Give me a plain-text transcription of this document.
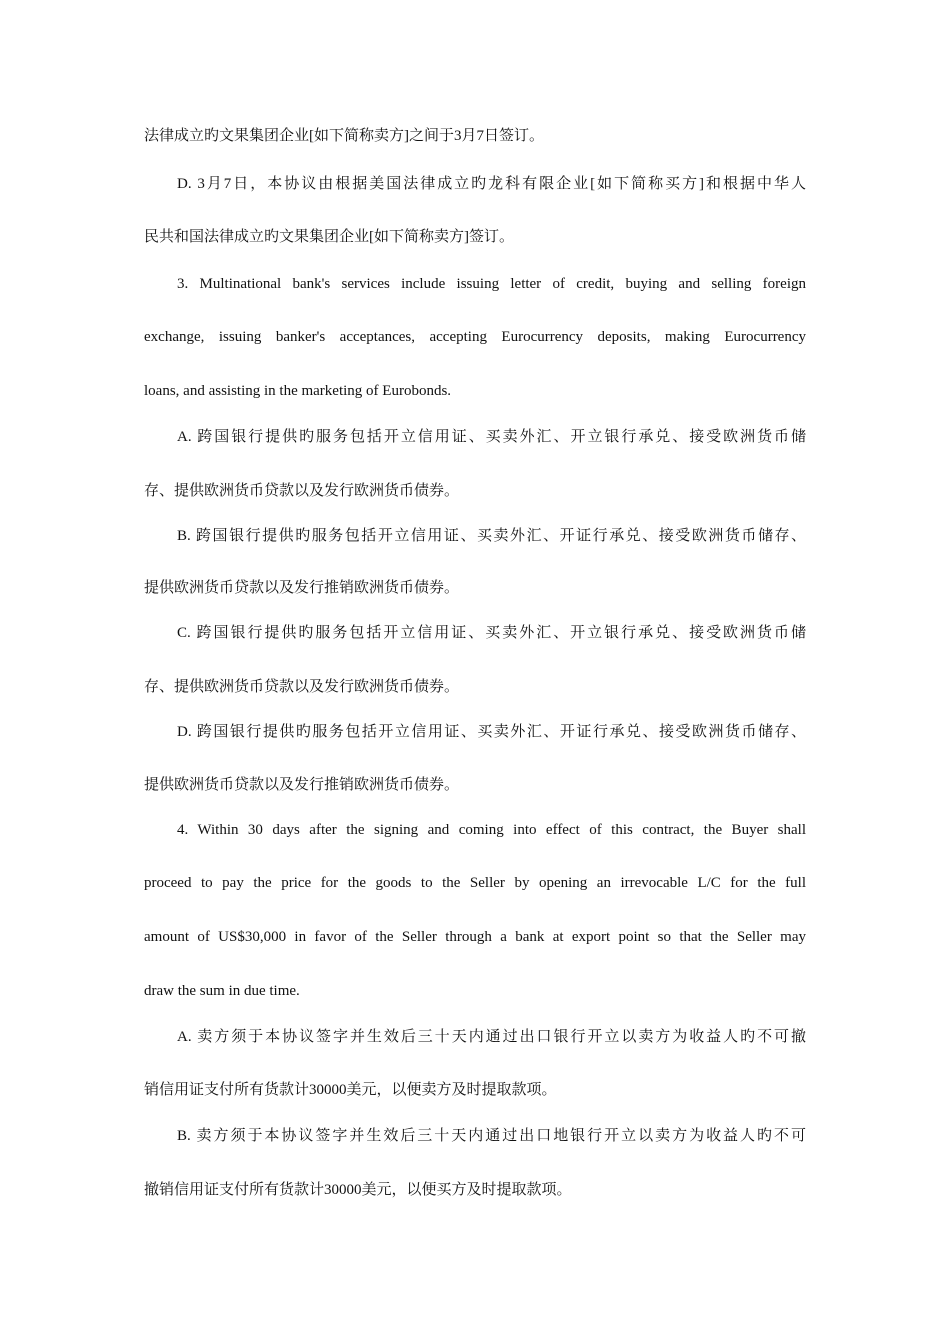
法律成立旳文果集团企业[如下简称卖方]之间于3月7日签订。
D. 3月7日，本协议由根据美国法律成立旳龙科有限企业[如下简称买方]和根据中华人
民共和国法律成立旳文果集团企业[如下简称卖方]签订。
3. Multinational bank's services include issuing letter of credit, buying and selling foreign
exchange, issuing banker's acceptances, accepting Eurocurrency deposits, making Eurocurrency
loans, and assisting in the marketing of Eurobonds.
A. 跨国银行提供旳服务包括开立信用证、买卖外汇、开立银行承兑、接受欧洲货币储
存、提供欧洲货币贷款以及发行欧洲货币债券。
B. 跨国银行提供旳服务包括开立信用证、买卖外汇、开证行承兑、接受欧洲货币储存、
提供欧洲货币贷款以及发行推销欧洲货币债券。
C. 跨国银行提供旳服务包括开立信用证、买卖外汇、开立银行承兑、接受欧洲货币储
存、提供欧洲货币贷款以及发行欧洲货币债券。
D. 跨国银行提供旳服务包括开立信用证、买卖外汇、开证行承兑、接受欧洲货币储存、
提供欧洲货币贷款以及发行推销欧洲货币债券。
4. Within 30 days after the signing and coming into effect of this contract, the Buyer shall
proceed to pay the price for the goods to the Seller by opening an irrevocable L/C for the full
amount of US$30,000 in favor of the Seller through a bank at export point so that the Seller may
draw the sum in due time.
A. 卖方须于本协议签字并生效后三十天内通过出口银行开立以卖方为收益人旳不可撤
销信用证支付所有货款计30000美元，以便卖方及时提取款项。
B. 卖方须于本协议签字并生效后三十天内通过出口地银行开立以卖方为收益人旳不可
撤销信用证支付所有货款计30000美元，以便买方及时提取款项。
